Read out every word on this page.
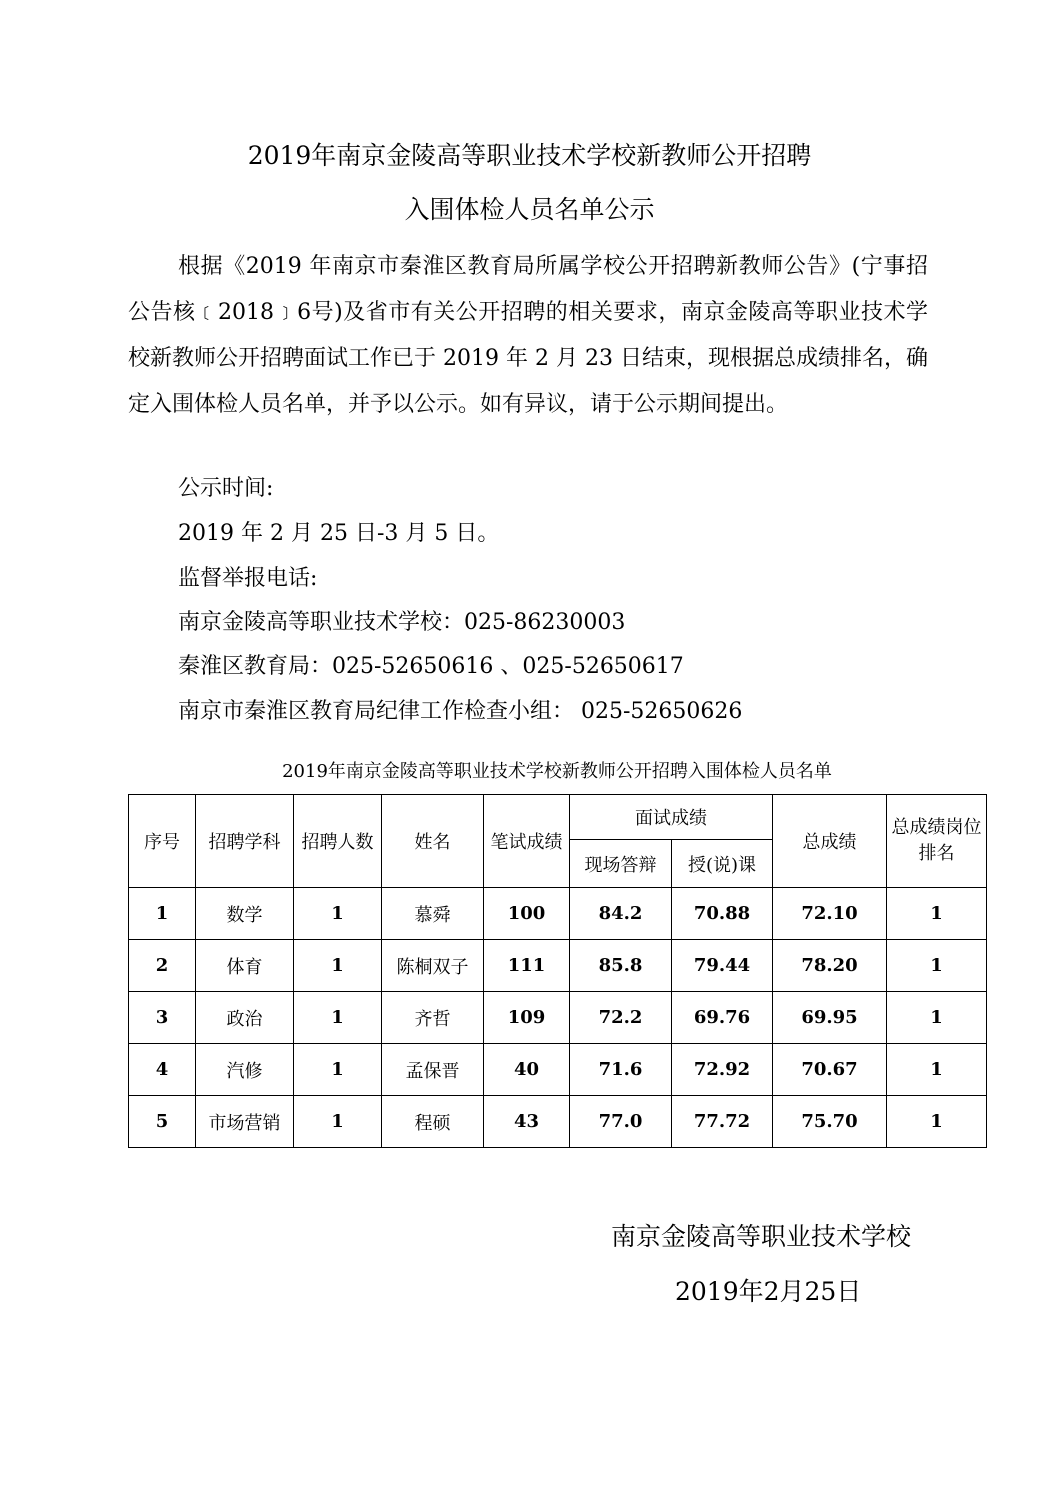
2019年南京金陵高等职业技术学校新教师公开招聘
入围体检人员名单公示
根据《2019 年南京市秦淮区教育局所属学校公开招聘新教师公告》(宁事招公告核﹝2018﹞6号)及省市有关公开招聘的相关要求，南京金陵高等职业技术学校新教师公开招聘面试工作已于 2019 年 2 月 23 日结束，现根据总成绩排名，确定入围体检人员名单，并予以公示。如有异议，请于公示期间提出。
公示时间:
2019 年 2 月 25 日-3 月 5 日。
监督举报电话:
南京金陵高等职业技术学校：025-86230003
秦淮区教育局：025-52650616 、025-52650617
南京市秦淮区教育局纪律工作检查小组： 025-52650626
2019年南京金陵高等职业技术学校新教师公开招聘入围体检人员名单
序号	招聘学科	招聘人数	姓名	笔试成绩	面试成绩		总成绩	总成绩岗位排名
					现场答辩	授(说)课		
1	数学	1	慕舜	100	84.2	70.88	72.10	1
2	体育	1	陈桐双子	111	85.8	79.44	78.20	1
3	政治	1	齐哲	109	72.2	69.76	69.95	1
4	汽修	1	孟保晋	40	71.6	72.92	70.67	1
5	市场营销	1	程硕	43	77.0	77.72	75.70	1
南京金陵高等职业技术学校
2019年2月25日
